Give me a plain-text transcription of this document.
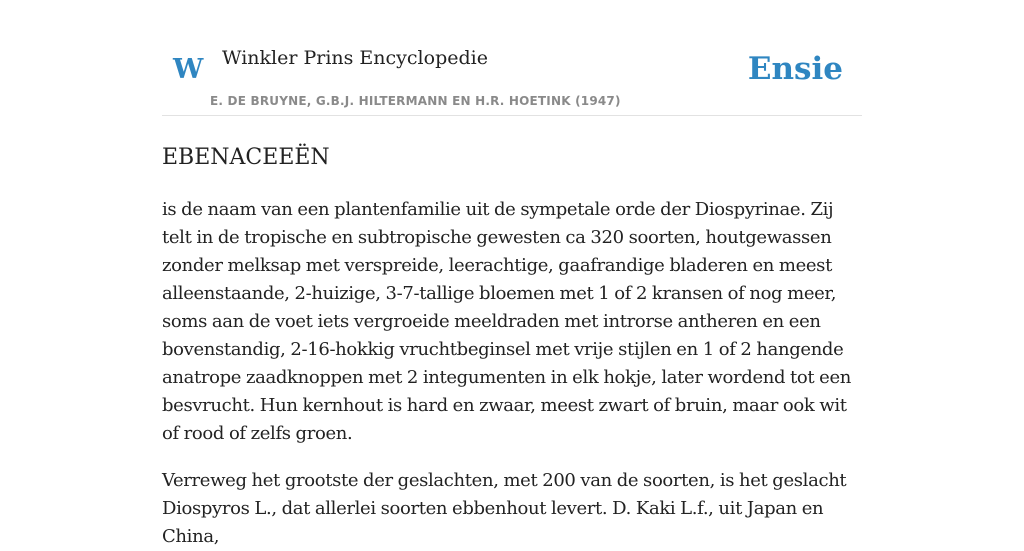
W Winkler Prins Encyclopedie
E. DE BRUYNE, G.B.J. HILTERMANN EN H.R. HOETINK (1947)
Ensie
EBENACEEËN

is de naam van een plantenfamilie uit de sympetale orde der Diospyrinae. Zij telt in de tropische en subtropische gewesten ca 320 soorten, houtgewassen zonder melksap met verspreide, leerachtige, gaafrandige bladeren en meest alleenstaande, 2-huizige, 3-7-tallige bloemen met 1 of 2 kransen of nog meer, soms aan de voet iets vergroeide meeldraden met introrse antheren en een bovenstandig, 2-16-hokkig vruchtbeginsel met vrije stijlen en 1 of 2 hangende anatrope zaadknoppen met 2 integumenten in elk hokje, later wordend tot een besvrucht. Hun kernhout is hard en zwaar, meest zwart of bruin, maar ook wit of rood of zelfs groen.

Verreweg het grootste der geslachten, met 200 van de soorten, is het geslacht Diospyros L., dat allerlei soorten ebbenhout levert. D. Kaki L.f., uit Japan en China,
